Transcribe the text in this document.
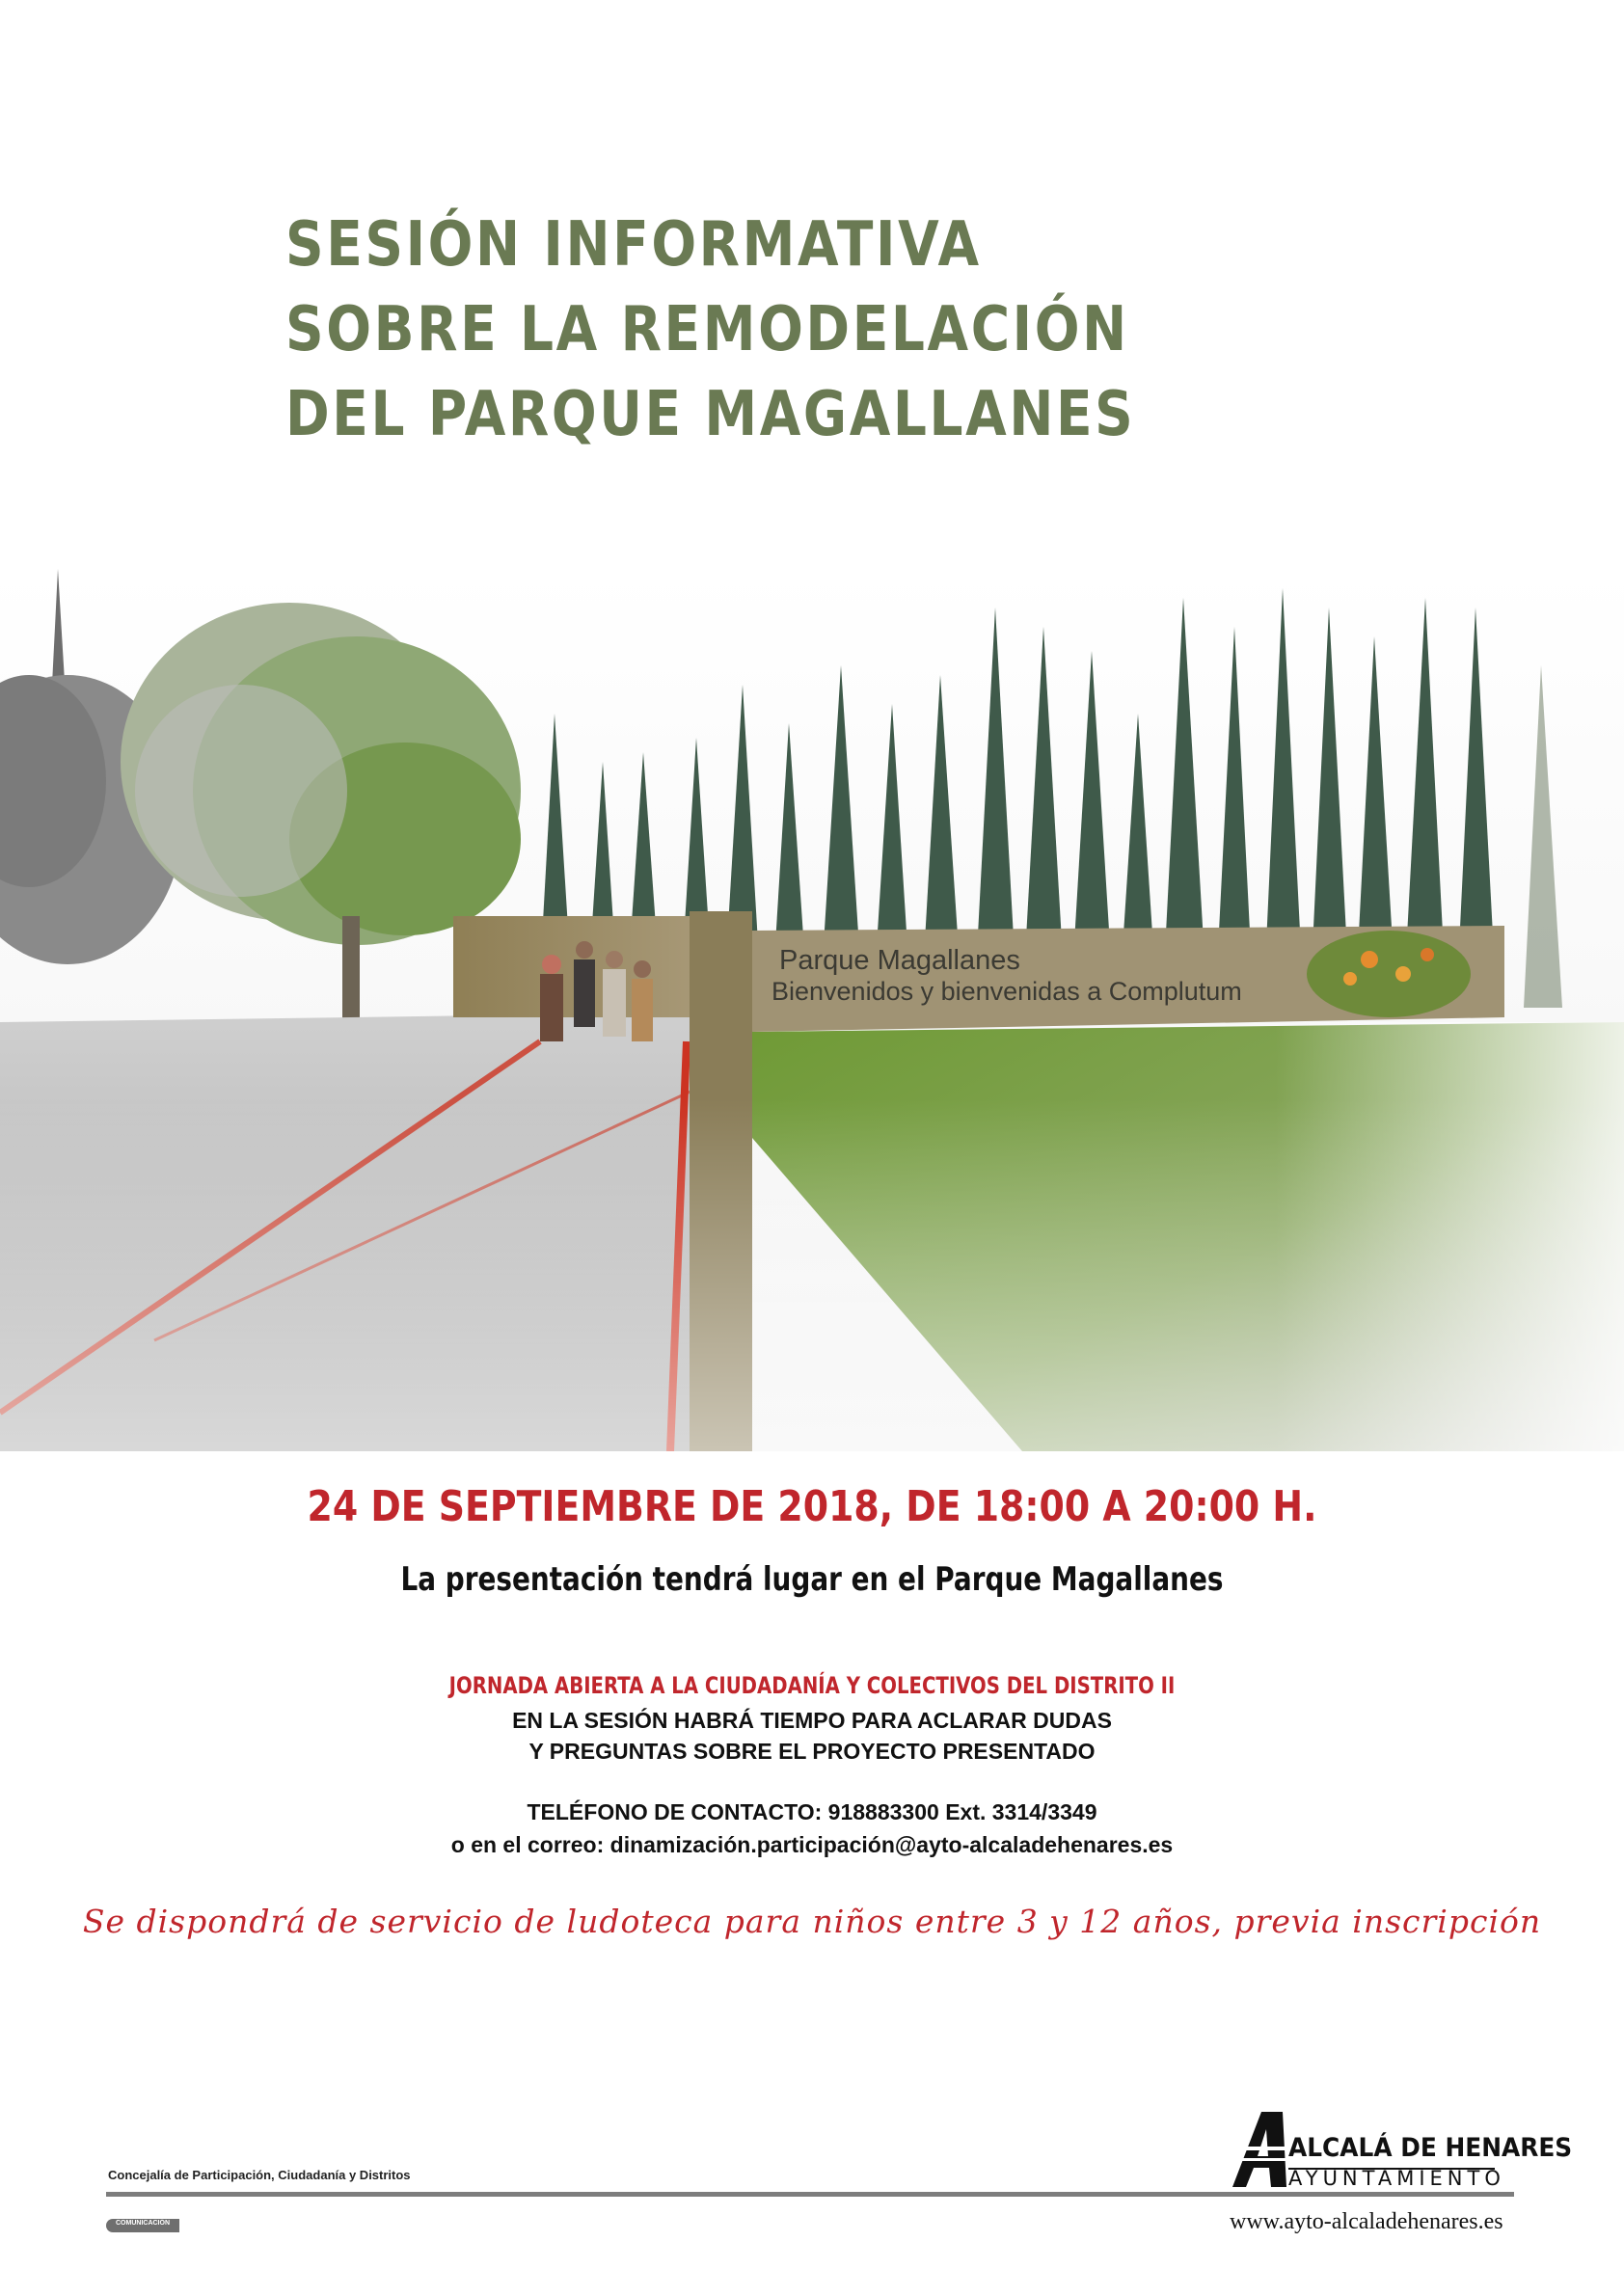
SESIÓN INFORMATIVA
SOBRE LA REMODELACIÓN
DEL PARQUE MAGALLANES
24 DE SEPTIEMBRE DE 2018, DE 18:00 A 20:00 H.
La presentación tendrá lugar en el Parque Magallanes
JORNADA ABIERTA A LA CIUDADANÍA Y COLECTIVOS DEL DISTRITO II
EN LA SESIÓN HABRÁ TIEMPO PARA ACLARAR DUDAS
Y PREGUNTAS SOBRE EL PROYECTO PRESENTADO
TELÉFONO DE CONTACTO: 918883300 Ext. 3314/3349
o en el correo: dinamización.participación@ayto-alcaladehenares.es
Se dispondrá de servicio de ludoteca para niños entre 3 y 12 años, previa inscripción
Concejalía de Participación, Ciudadanía y Distritos
COMUNICACIÓN
ALCALÁ DE HENARES
AYUNTAMIENTO
www.ayto-alcaladehenares.es
